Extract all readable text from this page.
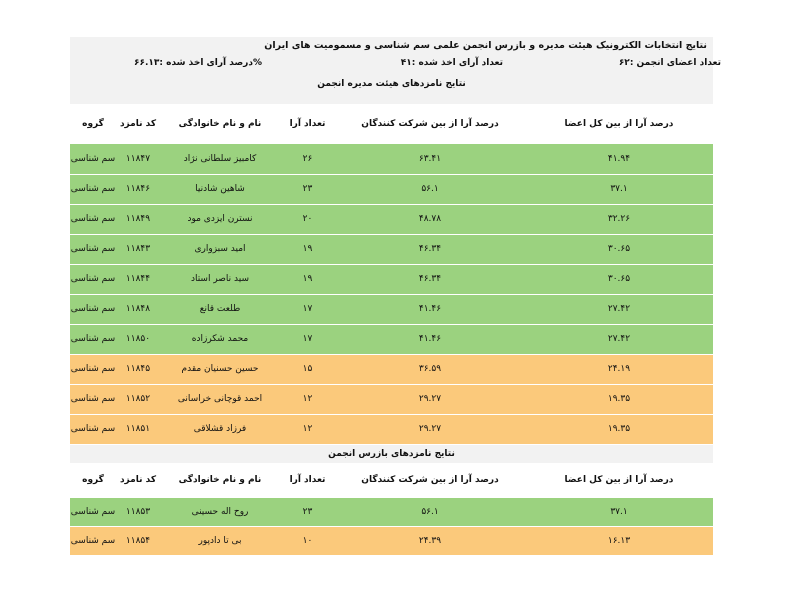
نتایج انتخابات الکترونیک هیئت مدیره و بازرس انجمن علمی سم شناسی و مسمومیت های ایران
تعداد اعضای انجمن :۶۲
تعداد آرای اخذ شده :۴۱
درصد آرای اخذ شده :۶۶.۱۳%
نتایج نامزدهای هیئت مدیره انجمن
درصد آرا از بین کل اعضا	درصد آرا از بین شرکت کنندگان	تعداد آرا	نام و نام خانوادگی	کد نامزد	گروه
۴۱.۹۴	۶۳.۴۱	۲۶	کامبیز سلطانی نژاد	۱۱۸۴۷	سم شناسی
۳۷.۱	۵۶.۱	۲۳	شاهین شادنیا	۱۱۸۴۶	سم شناسی
۳۲.۲۶	۴۸.۷۸	۲۰	نسترن ایزدی مود	۱۱۸۴۹	سم شناسی
۳۰.۶۵	۴۶.۳۴	۱۹	امید سبزواری	۱۱۸۴۳	سم شناسی
۳۰.۶۵	۴۶.۳۴	۱۹	سید ناصر استاد	۱۱۸۴۴	سم شناسی
۲۷.۴۲	۴۱.۴۶	۱۷	طلعت قانع	۱۱۸۴۸	سم شناسی
۲۷.۴۲	۴۱.۴۶	۱۷	محمد شکرزاده	۱۱۸۵۰	سم شناسی
۲۴.۱۹	۳۶.۵۹	۱۵	حسین حسنیان مقدم	۱۱۸۴۵	سم شناسی
۱۹.۳۵	۲۹.۲۷	۱۲	احمد قوچانی خراسانی	۱۱۸۵۲	سم شناسی
۱۹.۳۵	۲۹.۲۷	۱۲	فرزاد قشلاقی	۱۱۸۵۱	سم شناسی
نتایج نامزدهای بازرس انجمن
درصد آرا از بین کل اعضا	درصد آرا از بین شرکت کنندگان	تعداد آرا	نام و نام خانوادگی	کد نامزد	گروه
۳۷.۱	۵۶.۱	۲۳	روح اله حسینی	۱۱۸۵۳	سم شناسی
۱۶.۱۳	۲۴.۳۹	۱۰	بی تا دادپور	۱۱۸۵۴	سم شناسی
